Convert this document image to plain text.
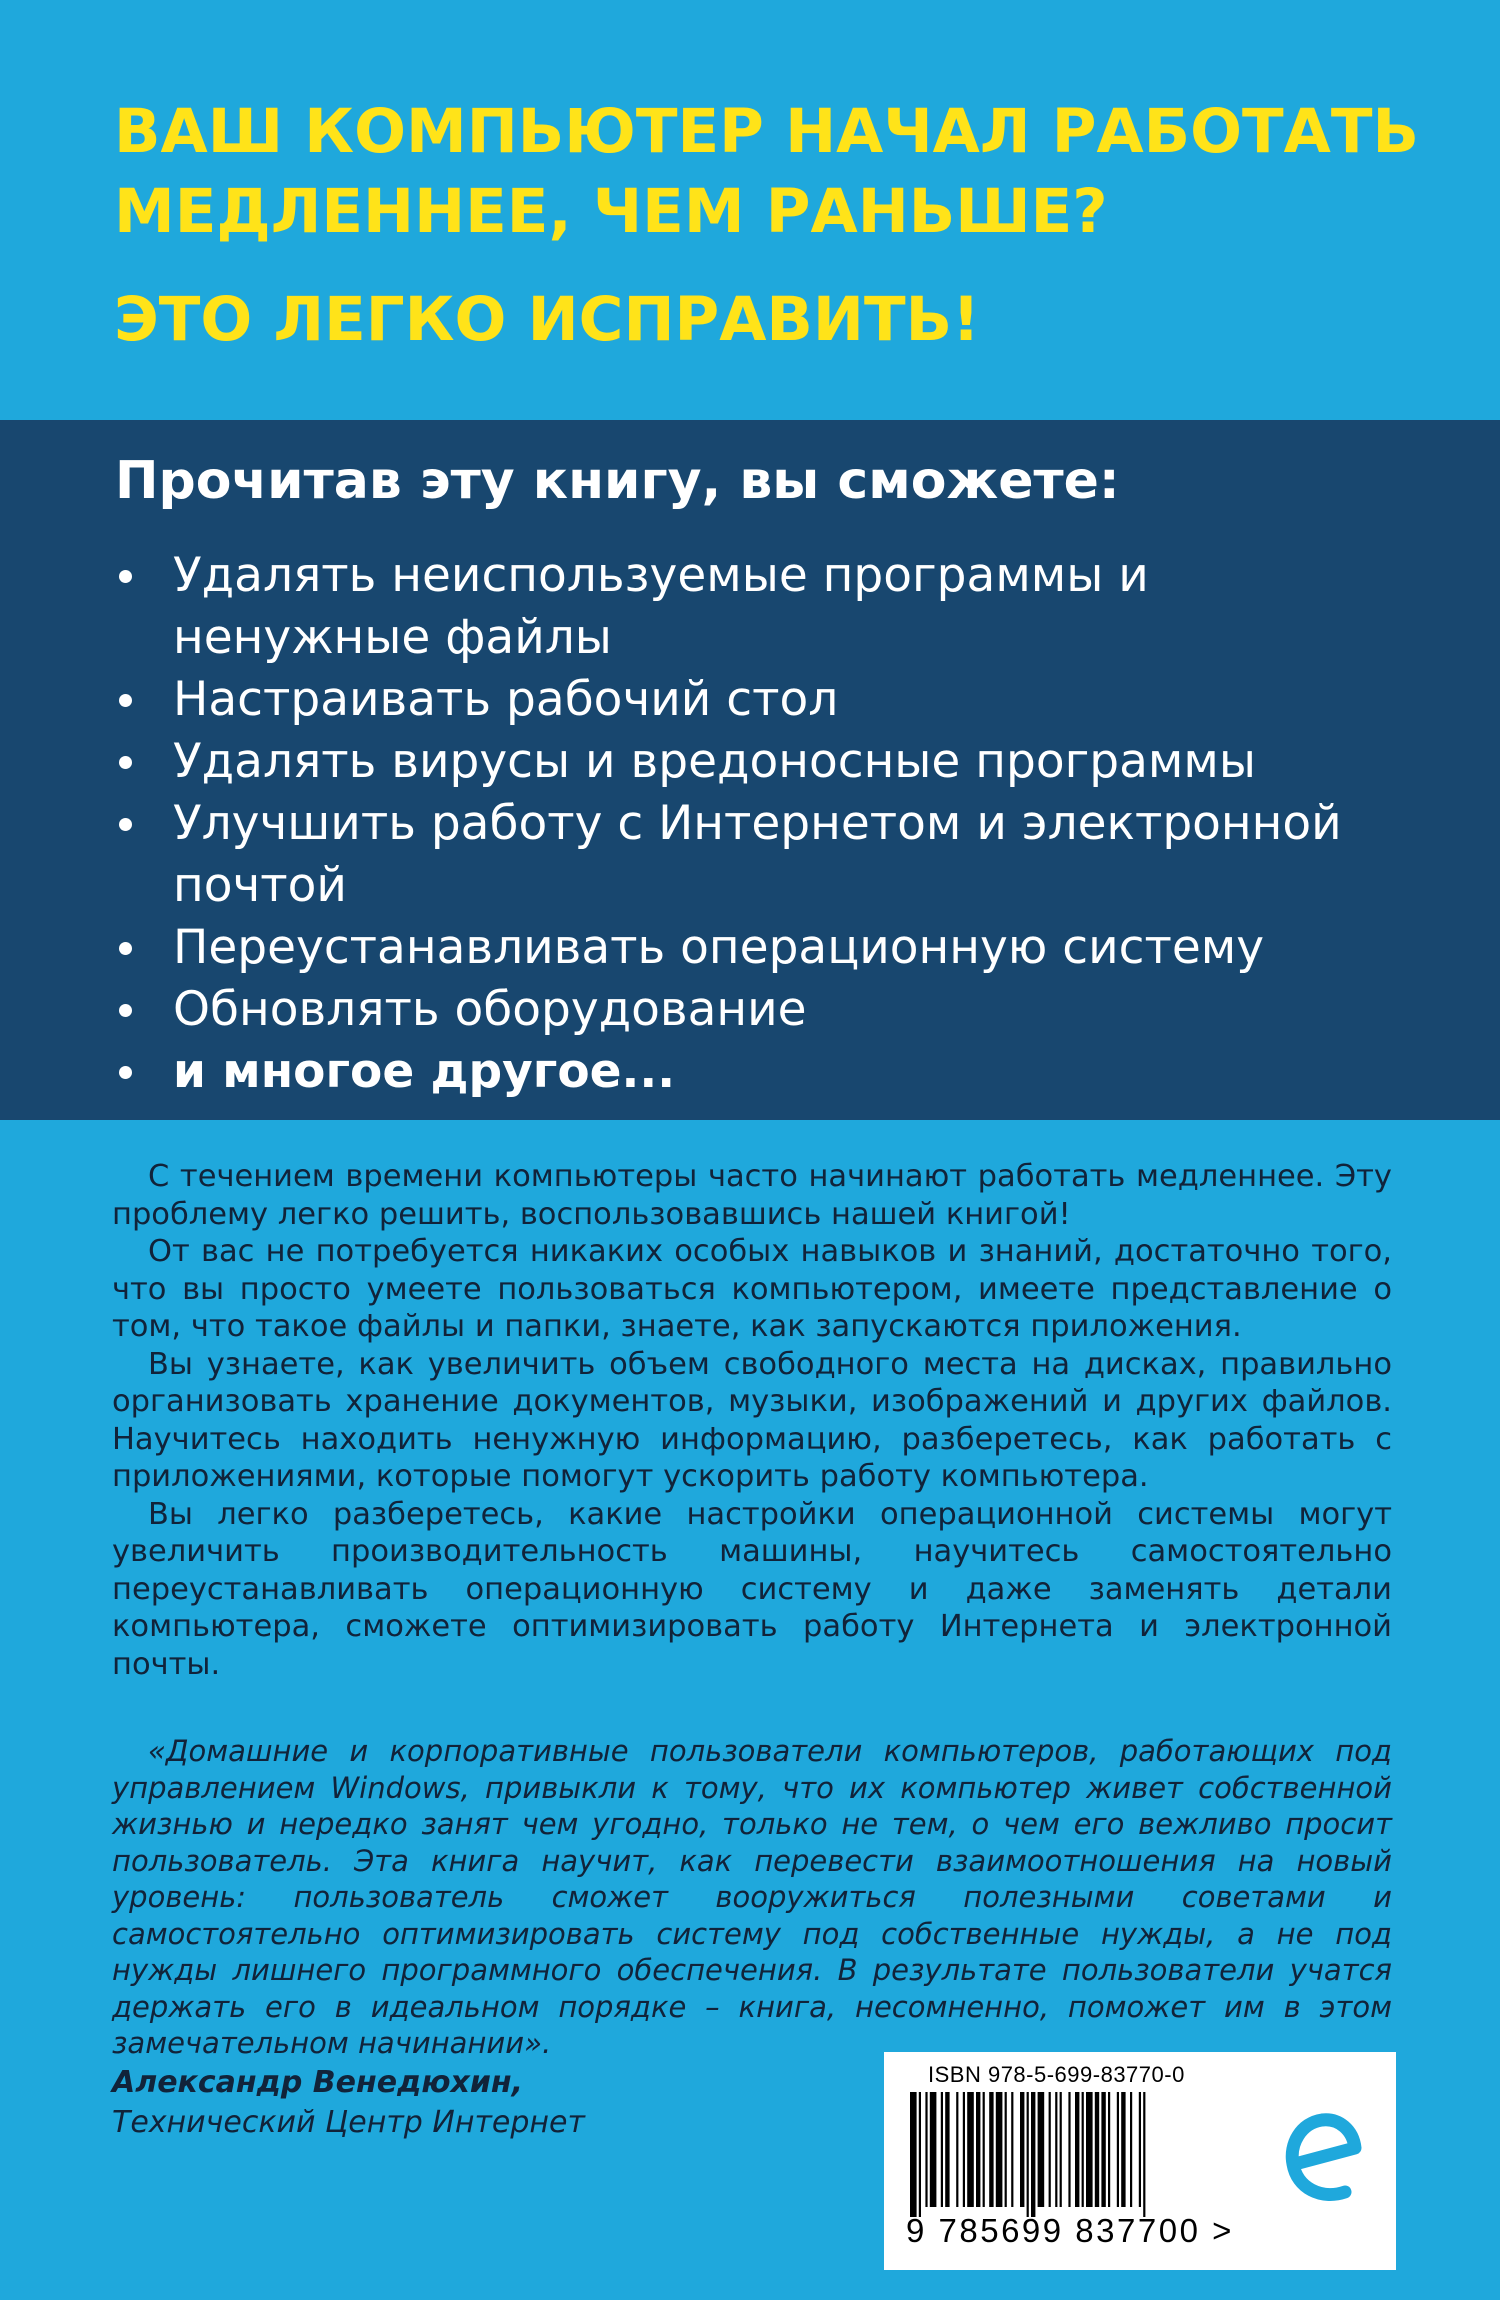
ВАШ КОМПЬЮТЕР НАЧАЛ РАБОТАТЬ
МЕДЛЕННЕЕ, ЧЕМ РАНЬШЕ?
ЭТО ЛЕГКО ИСПРАВИТЬ!
Прочитав эту книгу, вы сможете:
Удалять неиспользуемые программы и ненужные файлы
Настраивать рабочий стол
Удалять вирусы и вредоносные программы
Улучшить работу с Интернетом и электронной почтой
Переустанавливать операционную систему
Обновлять оборудование
и многое другое...

С течением времени компьютеры часто начинают работать медленнее. Эту проблему легко решить, воспользовавшись нашей книгой!

От вас не потребуется никаких особых навыков и знаний, достаточно того, что вы просто умеете пользоваться компьютером, имеете представление о том, что такое файлы и папки, знаете, как запускаются приложения.

Вы узнаете, как увеличить объем свободного места на дисках, правильно организовать хранение документов, музыки, изображений и других файлов. Научитесь находить ненужную информацию, разберетесь, как работать с приложениями, которые помогут ускорить работу компьютера.

Вы легко разберетесь, какие настройки операционной системы могут увеличить производительность машины, научитесь самостоятельно переустанавливать операционную систему и даже заменять детали компьютера, сможете оптимизировать работу Интернета и электронной почты.

«Домашние и корпоративные пользователи компьютеров, работающих под управлением Windows, привыкли к тому, что их компьютер живет собственной жизнью и нередко занят чем угодно, только не тем, о чем его вежливо просит пользователь. Эта книга научит, как перевести взаимоотношения на новый уровень: пользователь сможет вооружиться полезными советами и самостоятельно оптимизировать систему под собственные нужды, а не под нужды лишнего программного обеспечения. В результате пользователи учатся держать его в идеальном порядке – книга, несомненно, поможет им в этом замечательном начинании».

Александр Венедюхин,
Технический Центр Интернет
ISBN 978-5-699-83770-0
9 785699 837700 >
